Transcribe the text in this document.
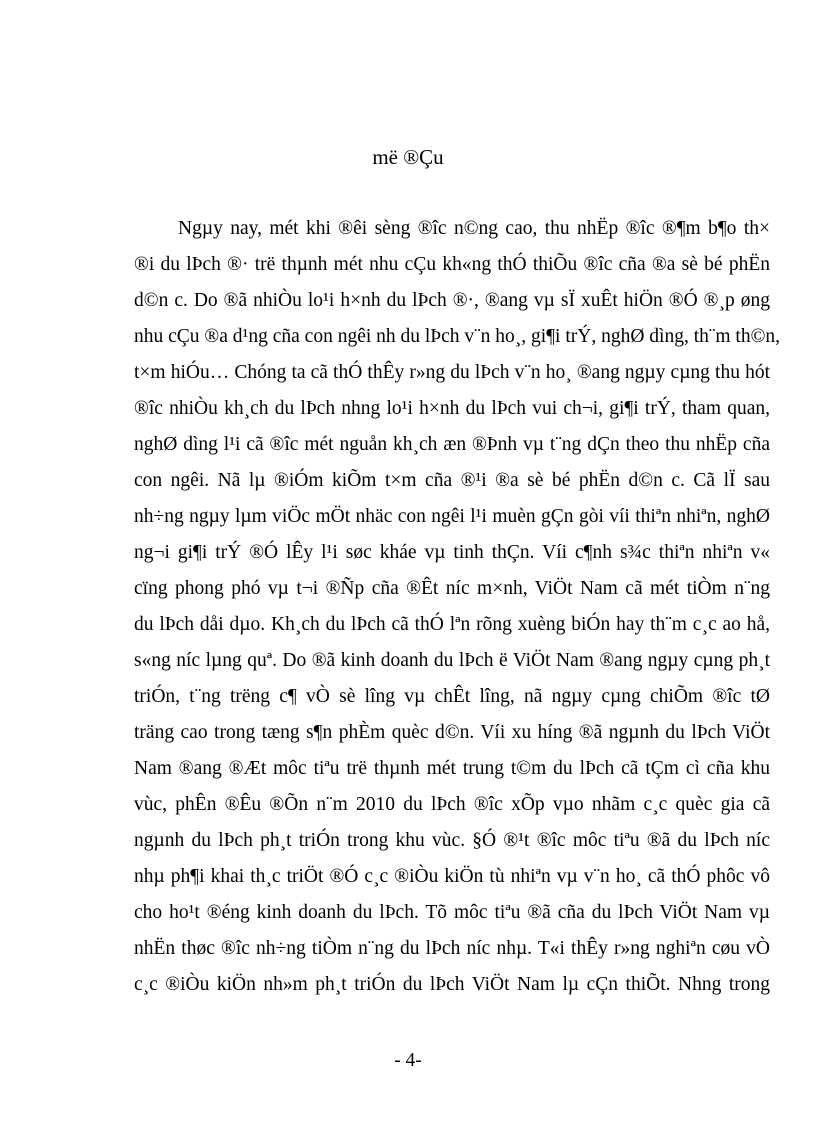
më ®Çu
Ngµy nay, mét khi ®êi sèng ®îc n©ng cao, thu nhËp ®îc ®¶m b¶o th×
®i du lÞch ®· trë thµnh mét nhu cÇu kh«ng thÓ thiÕu ®îc cña ®a sè bé phËn
d©n c. Do ®ã nhiÒu lo¹i h×nh du lÞch ®·, ®ang vµ sÏ xuÊt hiÖn ®Ó ®¸p øng
nhu cÇu ®a d¹ng cña con ngêi nh du lÞch v¨n ho¸, gi¶i trÝ, nghØ dìng, th¨m th©n,
t×m hiÓu… Chóng ta cã thÓ thÊy r»ng du lÞch v¨n ho¸ ®ang ngµy cµng thu hót
®îc nhiÒu kh¸ch du lÞch nhng lo¹i h×nh du lÞch vui ch¬i, gi¶i trÝ, tham quan,
nghØ dìng l¹i cã ®îc mét nguån kh¸ch æn ®Þnh vµ t¨ng dÇn theo thu nhËp cña
con ngêi. Nã lµ ®iÓm kiÕm t×m cña ®¹i ®a sè bé phËn d©n c. Cã lÏ sau
nh÷ng ngµy lµm viÖc mÖt nhäc con ngêi l¹i muèn gÇn gòi víi thiªn nhiªn, nghØ
ng¬i gi¶i trÝ ®Ó lÊy l¹i søc kháe vµ tinh thÇn. Víi c¶nh s¾c thiªn nhiªn v«
cïng phong phó vµ t¬i ®Ñp cña ®Êt níc m×nh, ViÖt Nam cã mét tiÒm n¨ng
du lÞch dåi dµo. Kh¸ch du lÞch cã thÓ lªn rõng xuèng biÓn hay th¨m c¸c ao hå,
s«ng níc lµng quª. Do ®ã kinh doanh du lÞch ë ViÖt Nam ®ang ngµy cµng ph¸t
triÓn, t¨ng trëng c¶ vÒ sè lîng vµ chÊt lîng, nã ngµy cµng chiÕm ®îc tØ
träng cao trong tæng s¶n phÈm quèc d©n. Víi xu híng ®ã ngµnh du lÞch ViÖt
Nam ®ang ®Æt môc tiªu trë thµnh mét trung t©m du lÞch cã tÇm cì cña khu
vùc, phÊn ®Êu ®Õn n¨m 2010 du lÞch ®îc xÕp vµo nhãm c¸c quèc gia cã
ngµnh du lÞch ph¸t triÓn trong khu vùc. §Ó ®¹t ®îc môc tiªu ®ã du lÞch níc
nhµ ph¶i khai th¸c triÖt ®Ó c¸c ®iÒu kiÖn tù nhiªn vµ v¨n ho¸ cã thÓ phôc vô
cho ho¹t ®éng kinh doanh du lÞch. Tõ môc tiªu ®ã cña du lÞch ViÖt Nam vµ
nhËn thøc ®îc nh÷ng tiÒm n¨ng du lÞch níc nhµ. T«i thÊy r»ng nghiªn cøu vÒ
c¸c ®iÒu kiÖn nh»m ph¸t triÓn du lÞch ViÖt Nam lµ cÇn thiÕt. Nhng trong
- 4-
